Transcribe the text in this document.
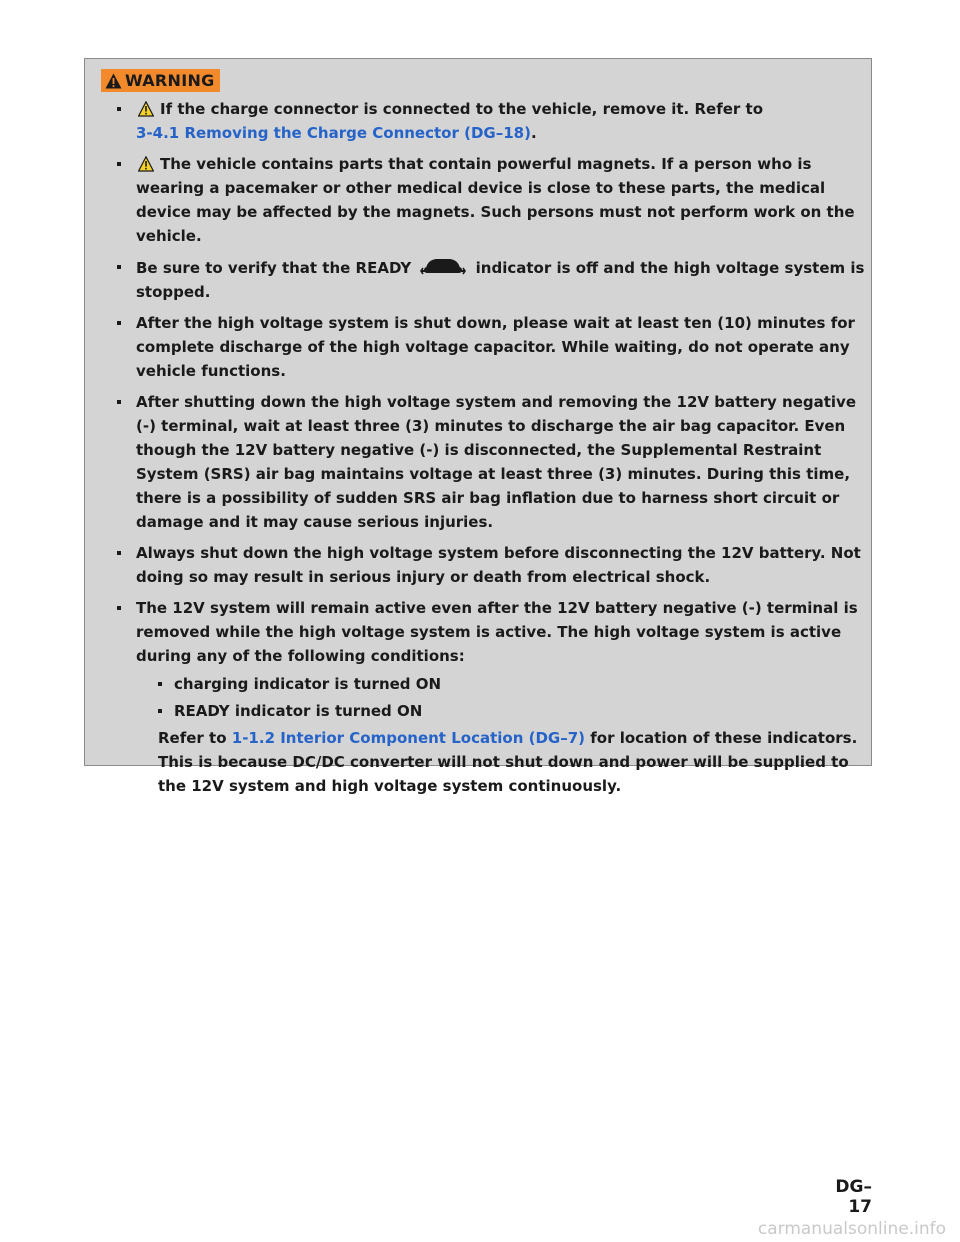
WARNING
If the charge connector is connected to the vehicle, remove it. Refer to
3-4.1 Removing the Charge Connector (DG–18).
The vehicle contains parts that contain powerful magnets. If a person who is wearing a pacemaker or other medical device is close to these parts, the medical device may be affected by the magnets. Such persons must not perform work on the vehicle.
Be sure to verify that the READY	indicator is off and the high voltage system is stopped.
After the high voltage system is shut down, please wait at least ten (10) minutes for complete discharge of the high voltage capacitor. While waiting, do not operate any vehicle functions.
After shutting down the high voltage system and removing the 12V battery negative (-) terminal, wait at least three (3) minutes to discharge the air bag capacitor. Even though the 12V battery negative (-) is disconnected, the Supplemental Restraint System (SRS) air bag maintains voltage at least three (3) minutes. During this time, there is a possibility of sudden SRS air bag inflation due to harness short circuit or damage and it may cause serious injuries.
Always shut down the high voltage system before disconnecting the 12V battery. Not doing so may result in serious injury or death from electrical shock.
The 12V system will remain active even after the 12V battery negative (-) terminal is removed while the high voltage system is active. The high voltage system is active during any of the following conditions:
charging indicator is turned ON
READY indicator is turned ON
Refer to 1-1.2 Interior Component Location (DG–7) for location of these indicators.
This is because DC/DC converter will not shut down and power will be supplied to the 12V system and high voltage system continuously.
DG–17
carmanualsonline.info
